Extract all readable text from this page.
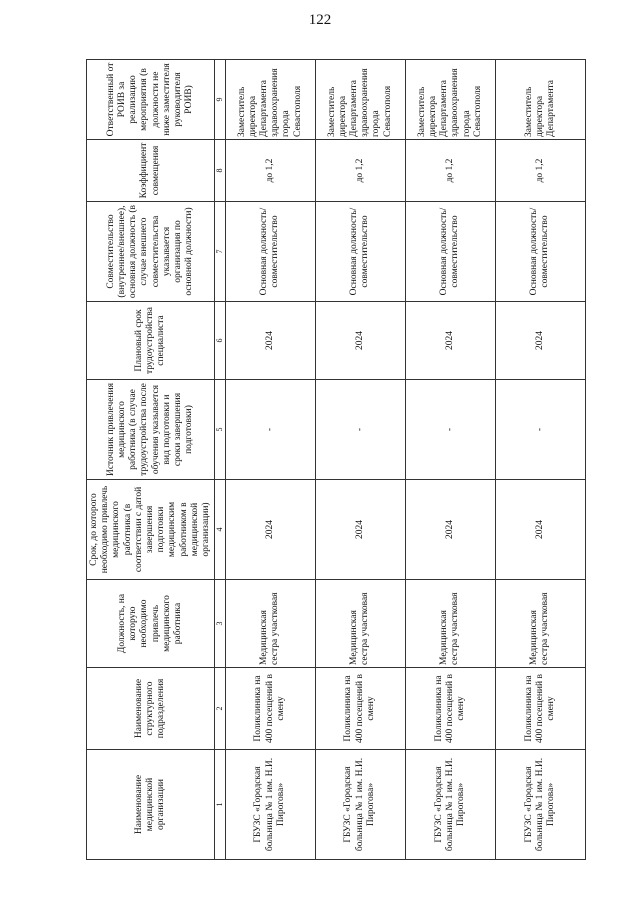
122
Наименование медицинской организации	Наименование структурного подразделения	Должность, на которую необходимо привлечь медицинского работника	Срок, до которого необходимо привлечь медицинского работника (в соответствии с датой завершения подготовки медицинским работником в медицинской организации)	Источник привлечения медицинского работника (в случае трудоустройства после обучения указывается вид подготовки и сроки завершения подготовки)	Плановый срок трудоустройства специалиста	Совместительство (внутреннее/внешнее), основная должность (в случае внешнего совместительства указывается организация по основной должности)	Коэффициент совмещения	Ответственный от РОИВ за реализацию мероприятия (в должности не ниже заместителя руководителя РОИВ)
1	2	3	4	5	6	7	8	9
ГБУЗС «Городская больница № 1 им. Н.И. Пирогова»	Поликлиника на 400 посещений в смену	Медицинская сестра участковая	2024	-	2024	Основная должность/ совместительство	до 1,2	Заместитель директора Департамента здравоохранения города Севастополя
ГБУЗС «Городская больница № 1 им. Н.И. Пирогова»	Поликлиника на 400 посещений в смену	Медицинская сестра участковая	2024	-	2024	Основная должность/ совместительство	до 1,2	Заместитель директора Департамента здравоохранения города Севастополя
ГБУЗС «Городская больница № 1 им. Н.И. Пирогова»	Поликлиника на 400 посещений в смену	Медицинская сестра участковая	2024	-	2024	Основная должность/ совместительство	до 1,2	Заместитель директора Департамента здравоохранения города Севастополя
ГБУЗС «Городская больница № 1 им. Н.И. Пирогова»	Поликлиника на 400 посещений в смену	Медицинская сестра участковая	2024	-	2024	Основная должность/ совместительство	до 1,2	Заместитель директора Департамента
